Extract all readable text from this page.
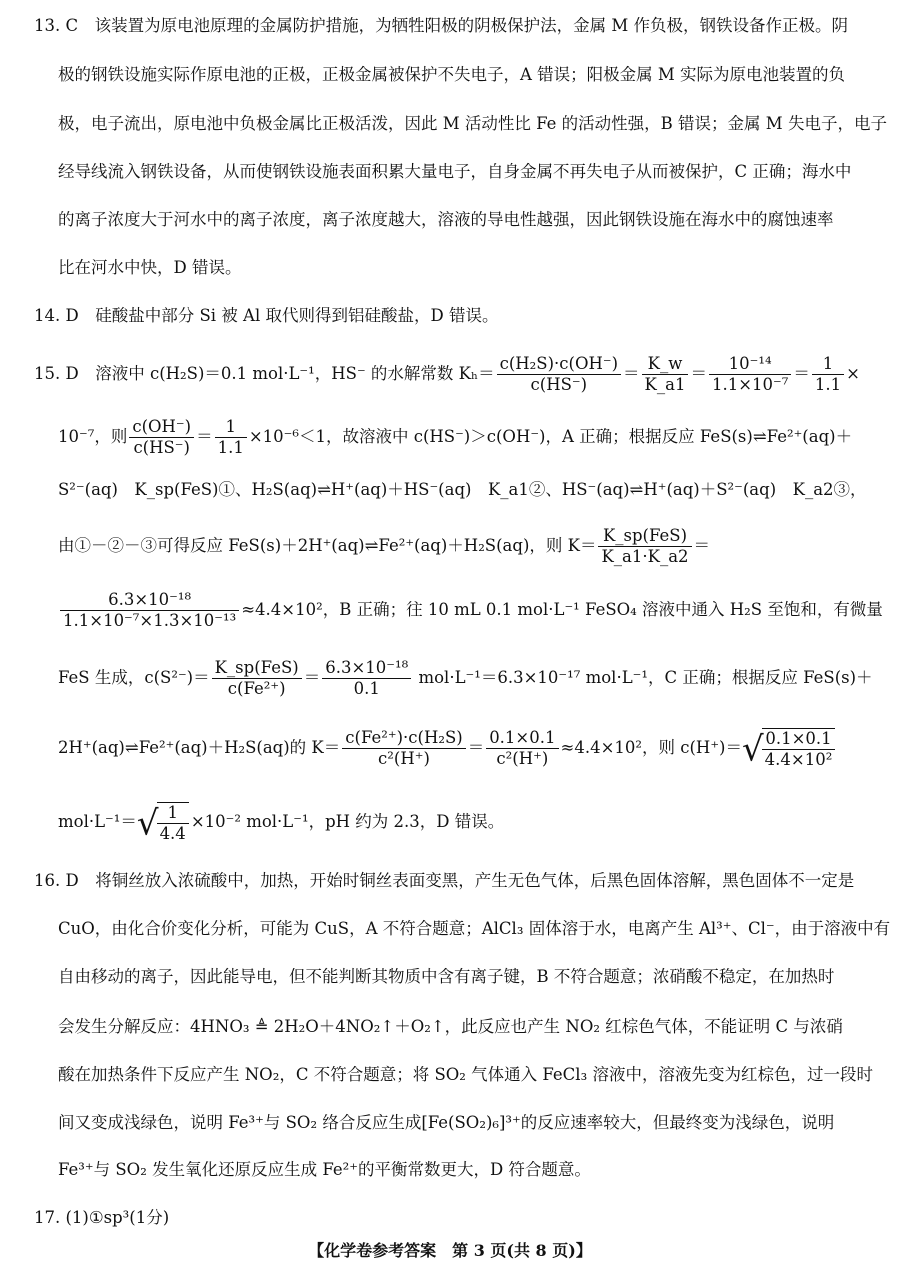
13. C　该装置为原电池原理的金属防护措施，为牺牲阳极的阴极保护法，金属 M 作负极，钢铁设备作正极。阴
极的钢铁设施实际作原电池的正极，正极金属被保护不失电子，A 错误；阳极金属 M 实际为原电池装置的负
极，电子流出，原电池中负极金属比正极活泼，因此 M 活动性比 Fe 的活动性强，B 错误；金属 M 失电子，电子
经导线流入钢铁设备，从而使钢铁设施表面积累大量电子，自身金属不再失电子从而被保护，C 正确；海水中
的离子浓度大于河水中的离子浓度，离子浓度越大，溶液的导电性越强，因此钢铁设施在海水中的腐蚀速率
比在河水中快，D 错误。
14. D　硅酸盐中部分 Si 被 Al 取代则得到铝硅酸盐，D 错误。
15. D　溶液中 c(H₂S)＝0.1 mol·L⁻¹，HS⁻ 的水解常数 $K_h= \frac{\text{c(H₂S)·c(OH⁻)}}{c(HS^-)} = \frac{K\_w}{K\_a1} = \frac{\text{10⁻¹⁴}}{\text{1.1×10⁻⁷}} = \frac{1}{1.1}$ ×
10⁻⁷，则 $\frac{c(OH^-)}{c(HS^-)} = \frac{1}{1.1} \times 10^{-6}<1$，故溶液中 c(HS⁻)＞c(OH⁻)，A 正确；根据反应 FeS(s)⇌Fe²⁺(aq)＋
S²⁻(aq)　K_sp(FeS)①、H₂S(aq)⇌H⁺(aq)＋HS⁻(aq)　K_a1②、HS⁻(aq)⇌H⁺(aq)＋S²⁻(aq)　K_a2③，
由①－②－③可得反应 FeS(s)＋2H⁺(aq)⇌Fe²⁺(aq)＋H₂S(aq)，则 $K= \frac{\text{K\_sp(FeS)}}{K\_a1\cdot K\_a2}$ ＝
$\frac{\text{6.3×10⁻¹⁸}}{\text{1.1×10⁻⁷×1.3×10⁻¹³}} \approx 4.4\times 10^2$，B 正确；往 10 mL 0.1 mol·L⁻¹ FeSO₄ 溶液中通入 H₂S 至饱和，有微量
FeS 生成，$c(S^{2-})= \frac{\text{K\_sp(FeS)}}{\text{c(Fe²⁺)}} = \frac{\text{6.3×10⁻¹⁸}}{0.1} mol\cdot L^{-1}=6.3\times 10^{-17}$ mol·L⁻¹，C 正确；根据反应 FeS(s)＋
2H⁺(aq)⇌Fe²⁺(aq)＋H₂S(aq)的 $K= \frac{\text{c(Fe²⁺)·c(H₂S)}}{\text{c²(H⁺)}} = \frac{0.1\times 0.1}{\text{c²(H⁺)}} \approx 4.4\times 10^2$，则 c(H⁺)＝√
$\frac{0.1\times 0.1}{\text{4.4×10²}}$
mol·L⁻¹＝√
$\frac{1}{4.4} \times 10^{-2}$ mol·L⁻¹，pH 约为 2.3，D 错误。
16. D　将铜丝放入浓硫酸中，加热，开始时铜丝表面变黑，产生无色气体，后黑色固体溶解，黑色固体不一定是
CuO，由化合价变化分析，可能为 CuS，A 不符合题意；AlCl₃ 固体溶于水，电离产生 Al³⁺、Cl⁻，由于溶液中有
自由移动的离子，因此能导电，但不能判断其物质中含有离子键，B 不符合题意；浓硝酸不稳定，在加热时
会发生分解反应：4HNO₃ ≜ 2H₂O＋4NO₂↑＋O₂↑，此反应也产生 NO₂ 红棕色气体，不能证明 C 与浓硝
酸在加热条件下反应产生 NO₂，C 不符合题意；将 SO₂ 气体通入 FeCl₃ 溶液中，溶液先变为红棕色，过一段时
间又变成浅绿色，说明 Fe³⁺与 SO₂ 络合反应生成[Fe(SO₂)₆]³⁺的反应速率较大，但最终变为浅绿色，说明
Fe³⁺与 SO₂ 发生氧化还原反应生成 Fe²⁺的平衡常数更大，D 符合题意。
17. (1)①sp³(1分)
【化学卷参考答案　第 3 页(共 8 页)】
